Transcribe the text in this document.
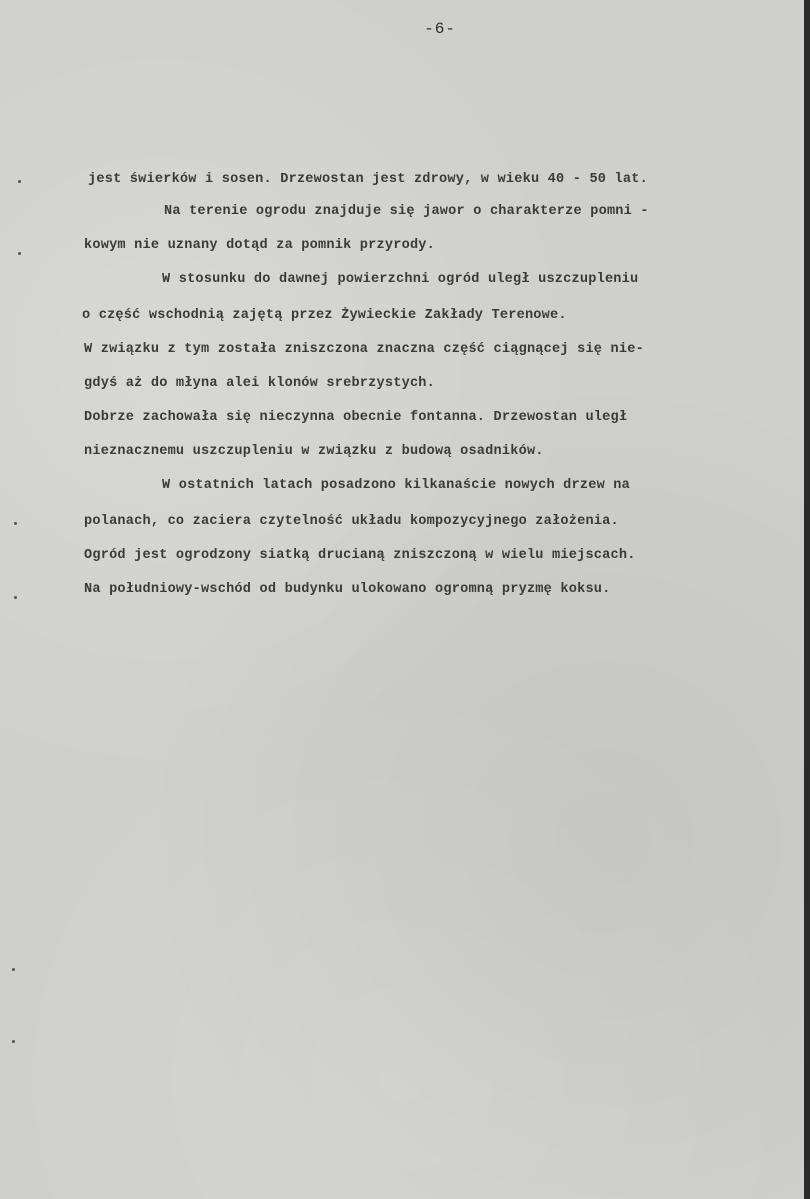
-6-
jest świerków i sosen. Drzewostan jest zdrowy, w wieku 40 - 50 lat.
Na terenie ogrodu znajduje się jawor o charakterze pomni -
kowym nie uznany dotąd za pomnik przyrody.
W stosunku do dawnej powierzchni ogród uległ uszczupleniu
o część wschodnią zajętą przez Żywieckie Zakłady Terenowe.
W związku z tym została zniszczona znaczna część ciągnącej się nie-
gdyś aż do młyna alei klonów srebrzystych.
Dobrze zachowała się nieczynna obecnie fontanna. Drzewostan uległ
nieznacznemu uszczupleniu w związku z budową osadników.
W ostatnich latach posadzono kilkanaście nowych drzew na
polanach, co zaciera czytelność układu kompozycyjnego założenia.
Ogród jest ogrodzony siatką drucianą zniszczoną w wielu miejscach.
Na południowy-wschód od budynku ulokowano ogromną pryzmę koksu.
